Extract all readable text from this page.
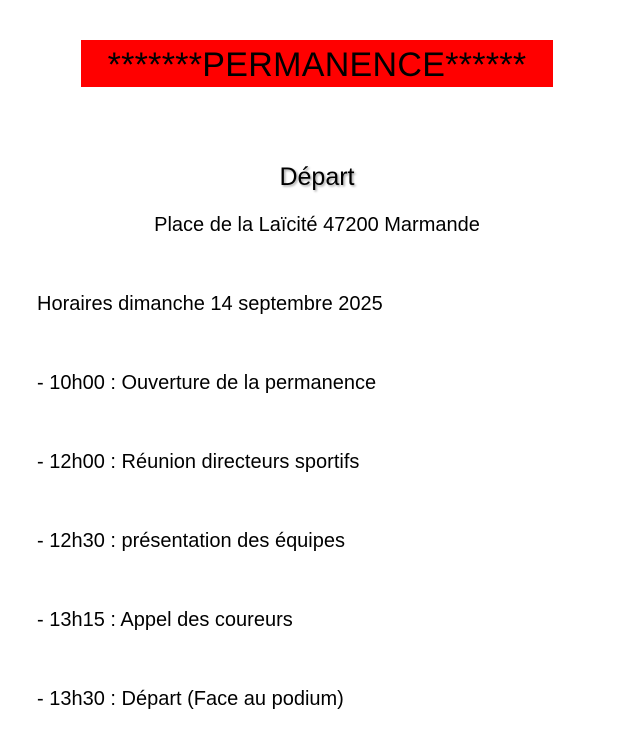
*******PERMANENCE******
Départ
Place de la Laïcité 47200 Marmande
Horaires dimanche 14 septembre 2025
- 10h00 : Ouverture de la permanence
- 12h00 : Réunion directeurs sportifs
- 12h30 : présentation des équipes
- 13h15 : Appel des coureurs
- 13h30 : Départ (Face au podium)
